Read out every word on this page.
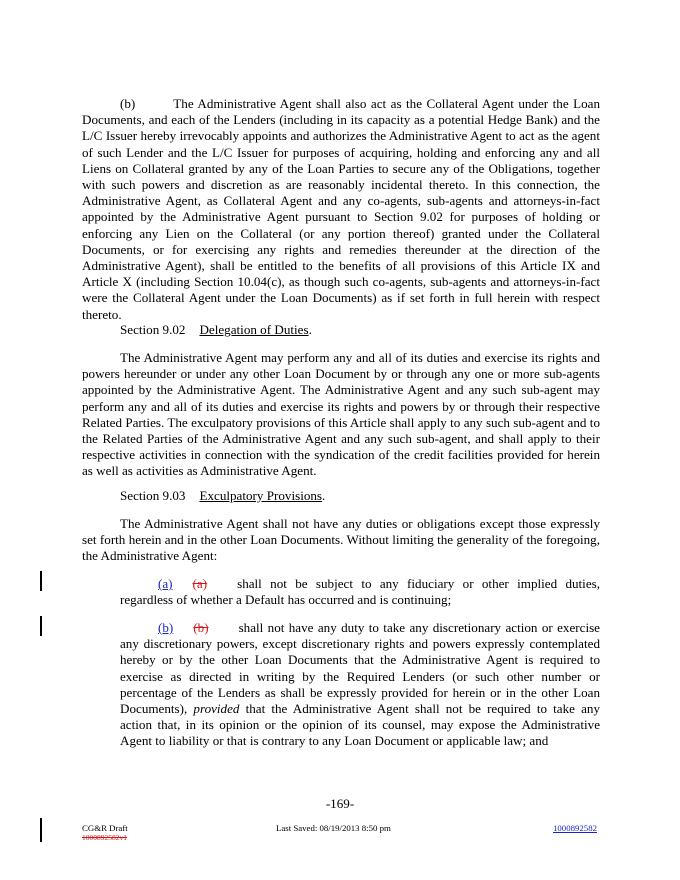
(b)	The Administrative Agent shall also act as the Collateral Agent under the Loan Documents, and each of the Lenders (including in its capacity as a potential Hedge Bank) and the L/C Issuer hereby irrevocably appoints and authorizes the Administrative Agent to act as the agent of such Lender and the L/C Issuer for purposes of acquiring, holding and enforcing any and all Liens on Collateral granted by any of the Loan Parties to secure any of the Obligations, together with such powers and discretion as are reasonably incidental thereto. In this connection, the Administrative Agent, as Collateral Agent and any co-agents, sub-agents and attorneys-in-fact appointed by the Administrative Agent pursuant to Section 9.02 for purposes of holding or enforcing any Lien on the Collateral (or any portion thereof) granted under the Collateral Documents, or for exercising any rights and remedies thereunder at the direction of the Administrative Agent), shall be entitled to the benefits of all provisions of this Article IX and Article X (including Section 10.04(c), as though such co-agents, sub-agents and attorneys-in-fact were the Collateral Agent under the Loan Documents) as if set forth in full herein with respect thereto.

Section 9.02 Delegation of Duties.

The Administrative Agent may perform any and all of its duties and exercise its rights and powers hereunder or under any other Loan Document by or through any one or more sub-agents appointed by the Administrative Agent. The Administrative Agent and any such sub-agent may perform any and all of its duties and exercise its rights and powers by or through their respective Related Parties. The exculpatory provisions of this Article shall apply to any such sub-agent and to the Related Parties of the Administrative Agent and any such sub-agent, and shall apply to their respective activities in connection with the syndication of the credit facilities provided for herein as well as activities as Administrative Agent.

Section 9.03 Exculpatory Provisions.

The Administrative Agent shall not have any duties or obligations except those expressly set forth herein and in the other Loan Documents. Without limiting the generality of the foregoing, the Administrative Agent:

(a) (a) shall not be subject to any fiduciary or other implied duties, regardless of whether a Default has occurred and is continuing;

(b) (b) shall not have any duty to take any discretionary action or exercise any discretionary powers, except discretionary rights and powers expressly contemplated hereby or by the other Loan Documents that the Administrative Agent is required to exercise as directed in writing by the Required Lenders (or such other number or percentage of the Lenders as shall be expressly provided for herein or in the other Loan Documents), provided that the Administrative Agent shall not be required to take any action that, in its opinion or the opinion of its counsel, may expose the Administrative Agent to liability or that is contrary to any Loan Document or applicable law; and

-169-
CG&R Draft
1000892582v1
Last Saved: 08/19/2013 8:50 pm	1000892582
